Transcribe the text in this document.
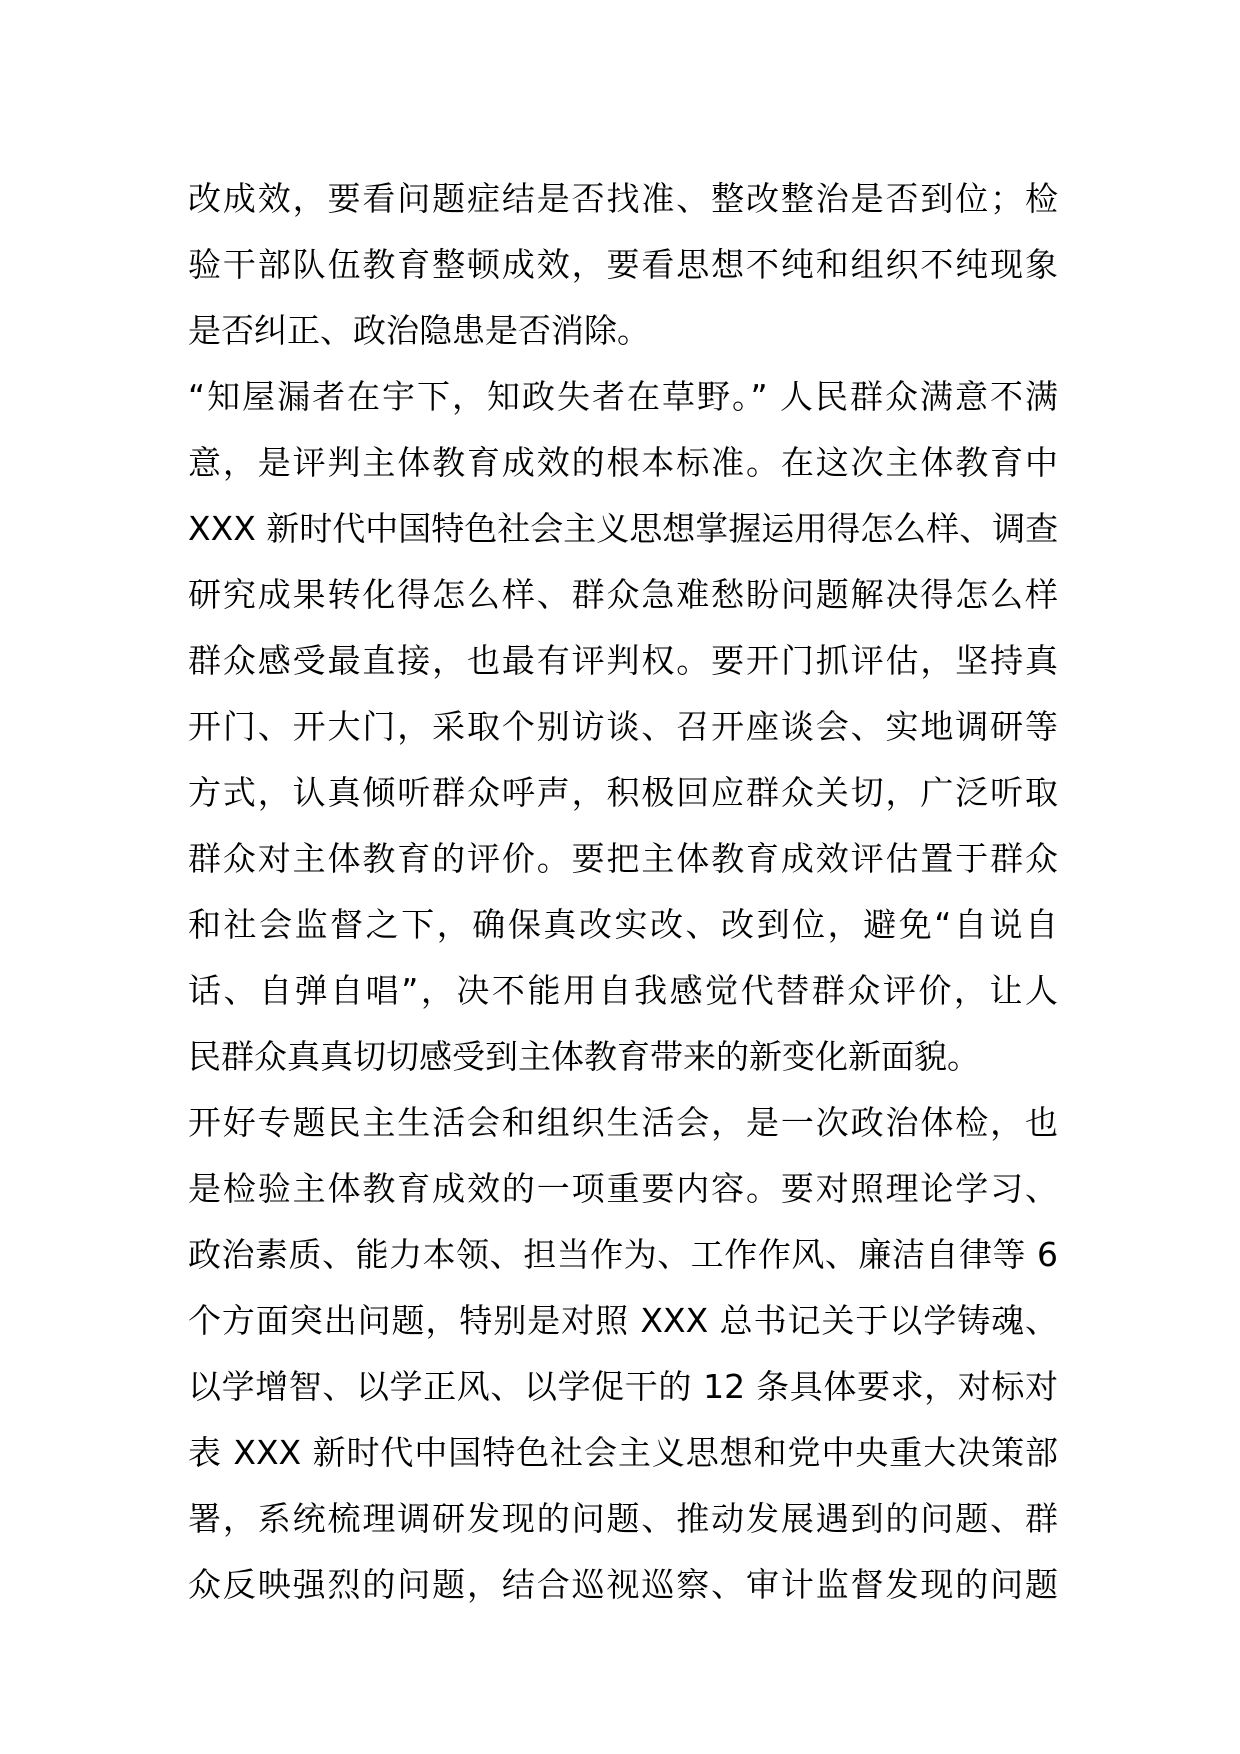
改成效，要看问题症结是否找准、整改整治是否到位；检
验干部队伍教育整顿成效，要看思想不纯和组织不纯现象
是否纠正、政治隐患是否消除。
“知屋漏者在宇下，知政失者在草野。” 人民群众满意不满
意，是评判主体教育成效的根本标准。在这次主体教育中
XXX 新时代中国特色社会主义思想掌握运用得怎么样、调查
研究成果转化得怎么样、群众急难愁盼问题解决得怎么样
群众感受最直接，也最有评判权。要开门抓评估，坚持真
开门、开大门，采取个别访谈、召开座谈会、实地调研等
方式，认真倾听群众呼声，积极回应群众关切，广泛听取
群众对主体教育的评价。要把主体教育成效评估置于群众
和社会监督之下，确保真改实改、改到位，避免“自说自
话、自弹自唱”，决不能用自我感觉代替群众评价，让人
民群众真真切切感受到主体教育带来的新变化新面貌。
开好专题民主生活会和组织生活会，是一次政治体检，也
是检验主体教育成效的一项重要内容。要对照理论学习、
政治素质、能力本领、担当作为、工作作风、廉洁自律等 6
个方面突出问题，特别是对照 XXX 总书记关于以学铸魂、
以学增智、以学正风、以学促干的 12 条具体要求，对标对
表 XXX 新时代中国特色社会主义思想和党中央重大决策部
署，系统梳理调研发现的问题、推动发展遇到的问题、群
众反映强烈的问题，结合巡视巡察、审计监督发现的问题
